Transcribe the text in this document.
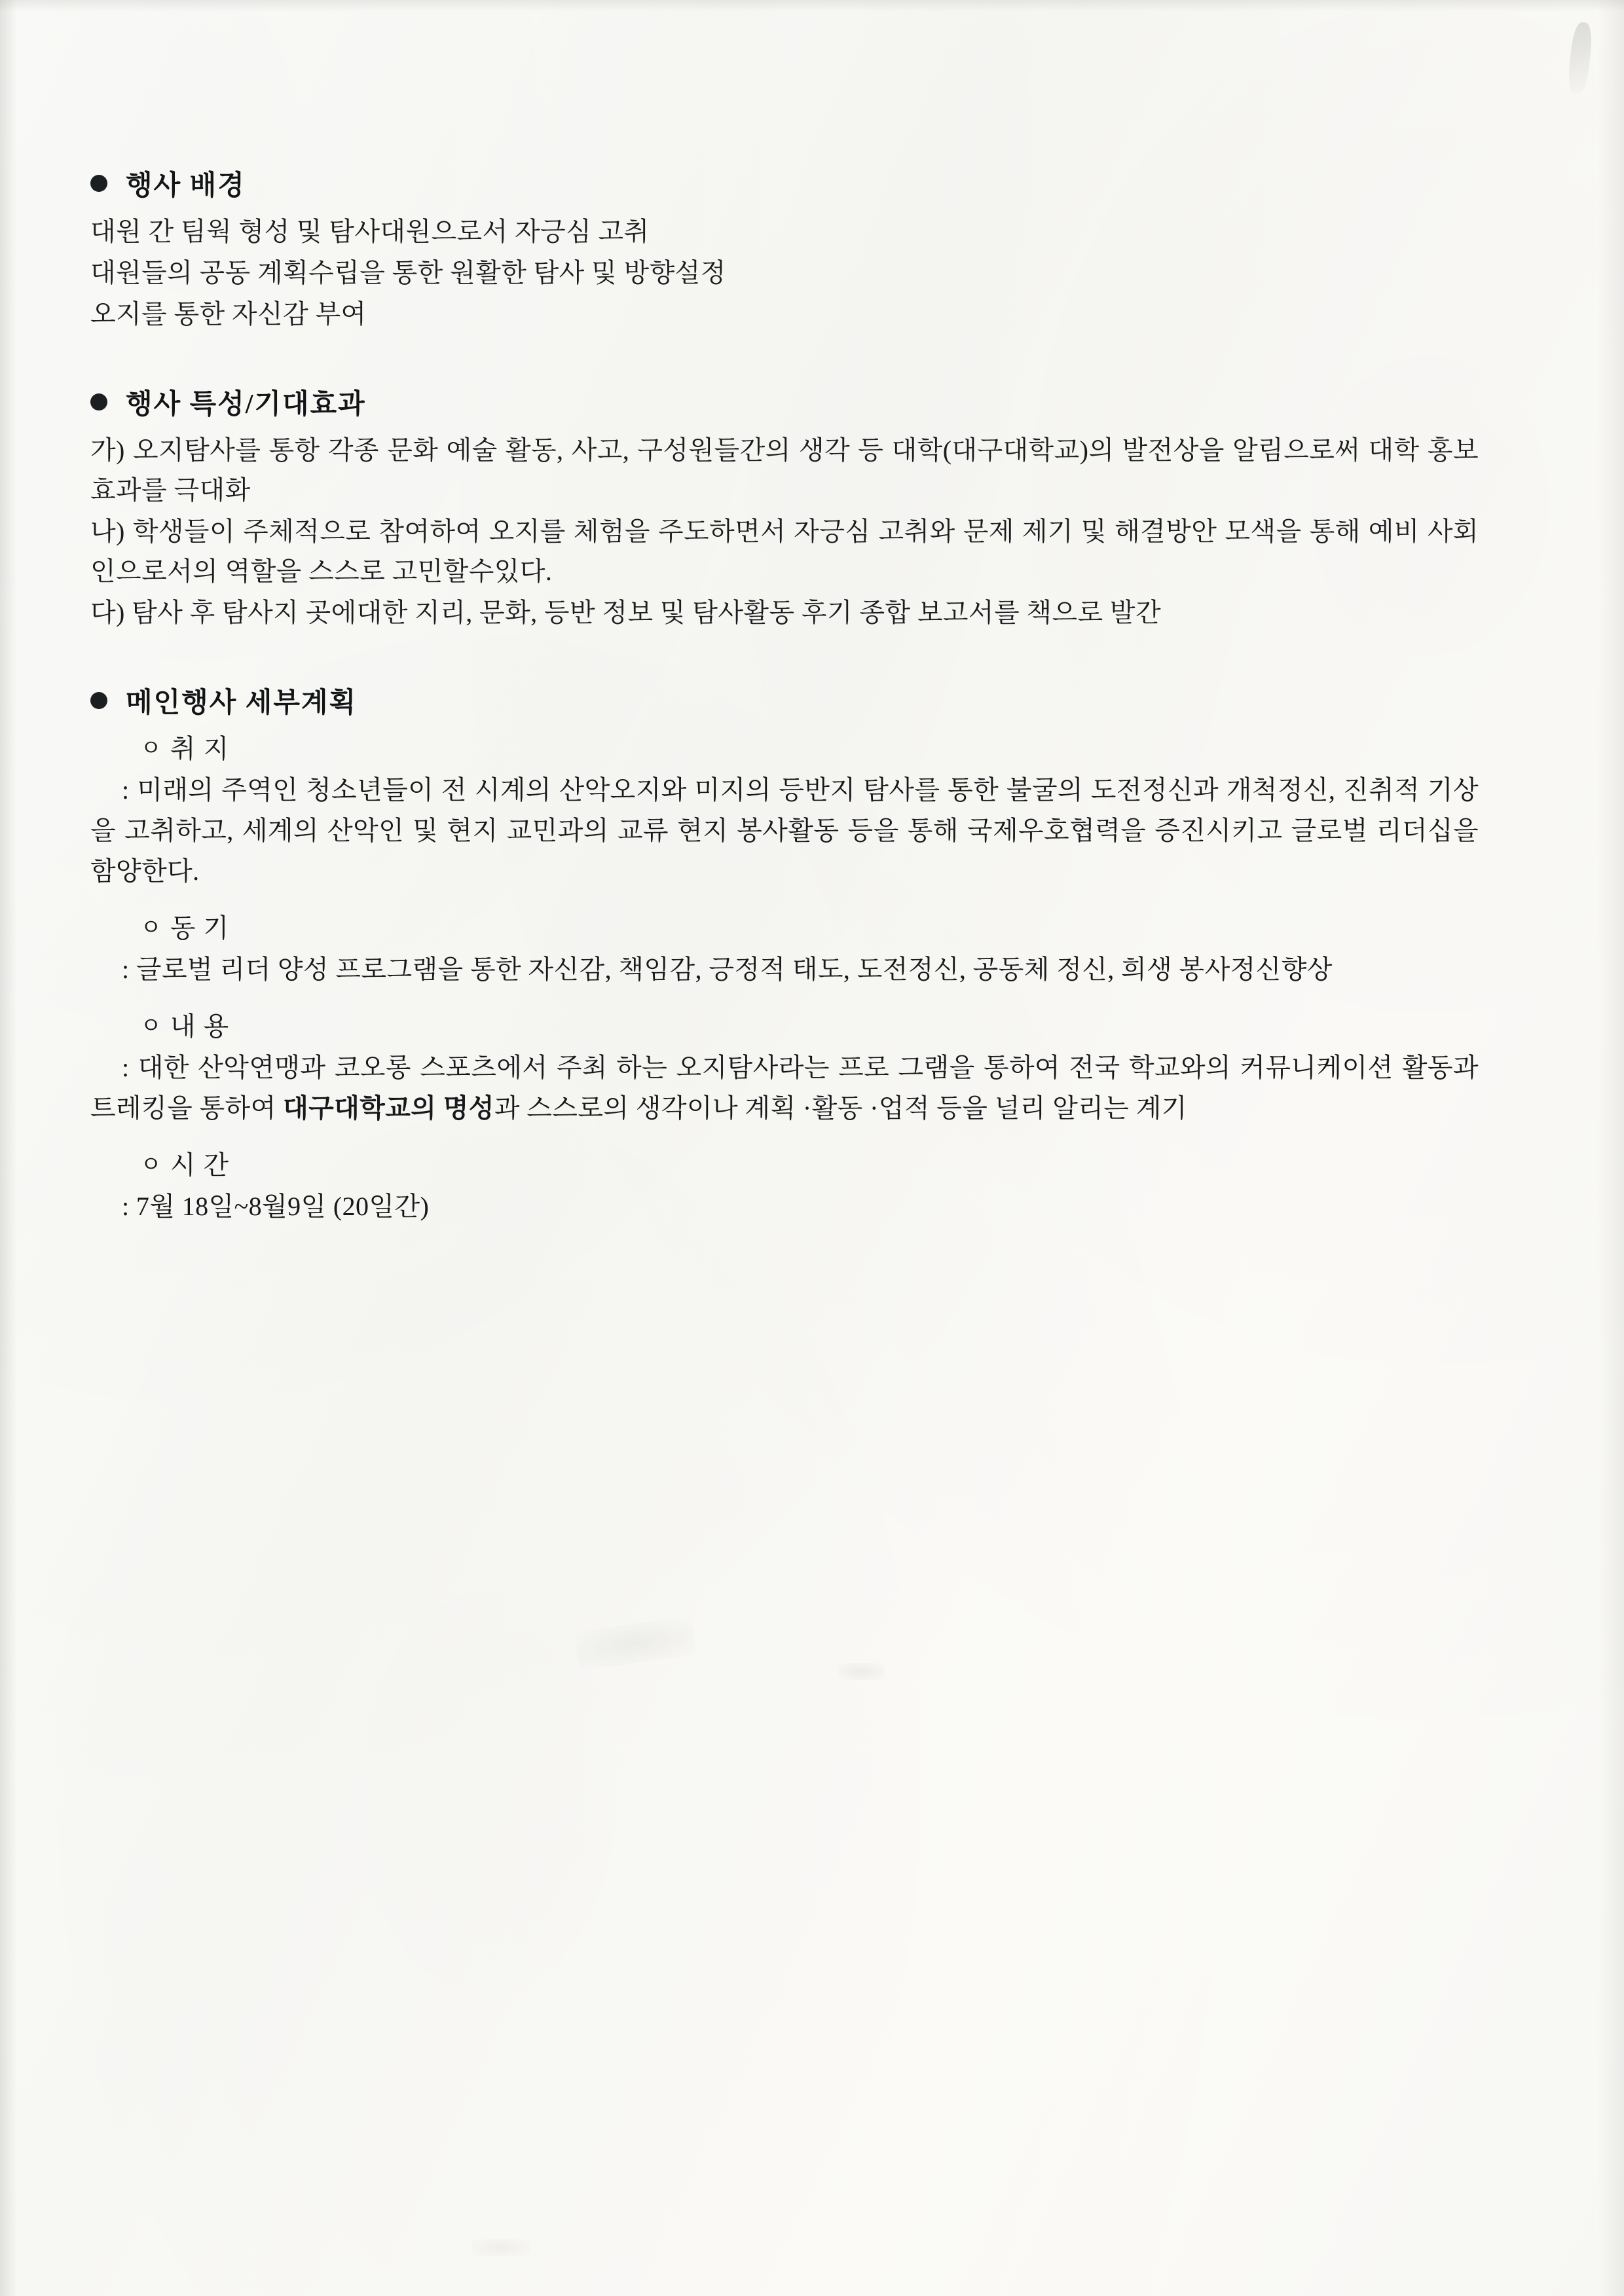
행사 배경

대원 간 팀웍 형성 및 탐사대원으로서 자긍심 고취

대원들의 공동 계획수립을 통한 원활한 탐사 및 방향설정

오지를 통한 자신감 부여

행사 특성/기대효과

가) 오지탐사를 통항 각종 문화 예술 활동, 사고, 구성원들간의 생각 등 대학(대구대학교)의 발전상을 알림으로써 대학 홍보 효과를 극대화

나) 학생들이 주체적으로 참여하여 오지를 체험을 주도하면서 자긍심 고취와 문제 제기 및 해결방안 모색을 통해 예비 사회인으로서의 역할을 스스로 고민할수있다.

다) 탐사 후 탐사지 곳에대한 지리, 문화, 등반 정보 및 탐사활동 후기 종합 보고서를 책으로 발간

메인행사 세부계획
ㅇ 취 지

: 미래의 주역인 청소년들이 전 시계의 산악오지와 미지의 등반지 탐사를 통한 불굴의 도전정신과 개척정신, 진취적 기상을 고취하고, 세계의 산악인 및 현지 교민과의 교류 현지 봉사활동 등을 통해 국제우호협력을 증진시키고 글로벌 리더십을 함양한다.

ㅇ 동 기

: 글로벌 리더 양성 프로그램을 통한 자신감, 책임감, 긍정적 태도, 도전정신, 공동체 정신, 희생 봉사정신향상

ㅇ 내 용

: 대한 산악연맹과 코오롱 스포츠에서 주최 하는 오지탐사라는 프로 그램을 통하여 전국 학교와의 커뮤니케이션 활동과 트레킹을 통하여 대구대학교의 명성과 스스로의 생각이나 계획 ·활동 ·업적 등을 널리 알리는 계기

ㅇ 시 간

: 7월 18일~8월9일 (20일간)
